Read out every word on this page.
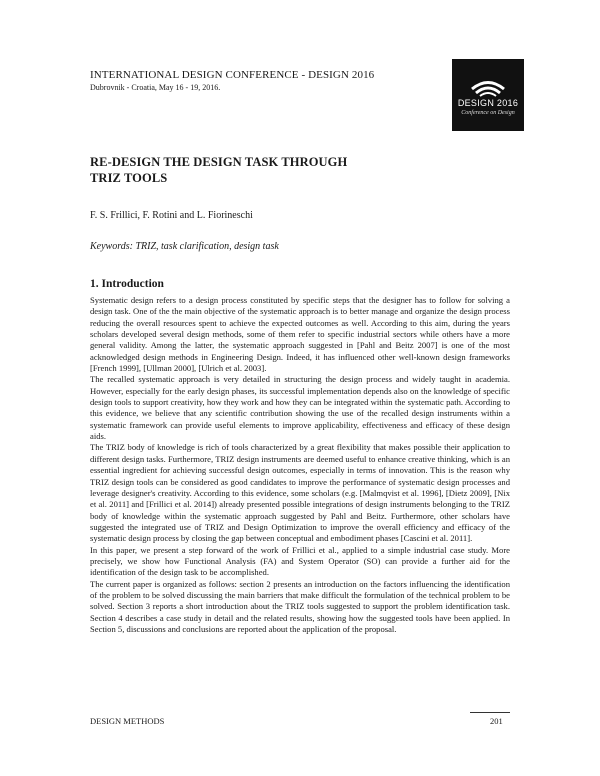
INTERNATIONAL DESIGN CONFERENCE - DESIGN 2016
Dubrovnik - Croatia, May 16 - 19, 2016.
DESIGN 2016
Conference on Design
RE-DESIGN THE DESIGN TASK THROUGH TRIZ TOOLS
F. S. Frillici, F. Rotini and L. Fiorineschi
Keywords: TRIZ, task clarification, design task
1. Introduction

Systematic design refers to a design process constituted by specific steps that the designer has to follow for solving a design task. One of the the main objective of the systematic approach is to better manage and organize the design process reducing the overall resources spent to achieve the expected outcomes as well. According to this aim, during the years scholars developed several design methods, some of them refer to specific industrial sectors while others have a more general validity. Among the latter, the systematic approach suggested in [Pahl and Beitz 2007] is one of the most acknowledged design methods in Engineering Design. Indeed, it has influenced other well-known design frameworks [French 1999], [Ullman 2000], [Ulrich et al. 2003].

The recalled systematic approach is very detailed in structuring the design process and widely taught in academia. However, especially for the early design phases, its successful implementation depends also on the knowledge of specific design tools to support creativity, how they work and how they can be integrated within the systematic path. According to this evidence, we believe that any scientific contribution showing the use of the recalled design instruments within a systematic framework can provide useful elements to improve applicability, effectiveness and efficacy of these design aids.

The TRIZ body of knowledge is rich of tools characterized by a great flexibility that makes possible their application to different design tasks. Furthermore, TRIZ design instruments are deemed useful to enhance creative thinking, which is an essential ingredient for achieving successful design outcomes, especially in terms of innovation. This is the reason why TRIZ design tools can be considered as good candidates to improve the performance of systematic design processes and leverage designer's creativity. According to this evidence, some scholars (e.g. [Malmqvist et al. 1996], [Dietz 2009], [Nix et al. 2011] and [Frillici et al. 2014]) already presented possible integrations of design instruments belonging to the TRIZ body of knowledge within the systematic approach suggested by Pahl and Beitz. Furthermore, other scholars have suggested the integrated use of TRIZ and Design Optimization to improve the overall efficiency and efficacy of the systematic design process by closing the gap between conceptual and embodiment phases [Cascini et al. 2011].

In this paper, we present a step forward of the work of Frillici et al., applied to a simple industrial case study. More precisely, we show how Functional Analysis (FA) and System Operator (SO) can provide a further aid for the identification of the design task to be accomplished.

The current paper is organized as follows: section 2 presents an introduction on the factors influencing the identification of the problem to be solved discussing the main barriers that make difficult the formulation of the technical problem to be solved. Section 3 reports a short introduction about the TRIZ tools suggested to support the problem identification task. Section 4 describes a case study in detail and the related results, showing how the suggested tools have been applied. In Section 5, discussions and conclusions are reported about the application of the proposal.

DESIGN METHODS	201
